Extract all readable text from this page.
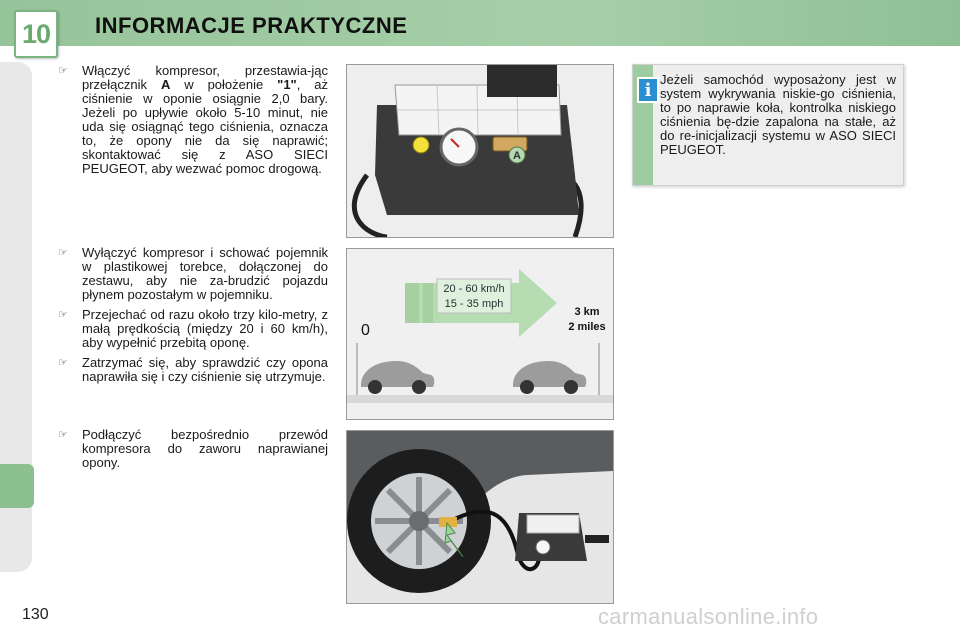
10 INFORMACJE PRAKTYCZNE
☞ Włączyć kompresor, przestawia-jąc przełącznik A w położenie "1", aż ciśnienie w oponie osiągnie 2,0 bary. Jeżeli po upływie około 5-10 minut, nie uda się osiągnąć tego ciśnienia, oznacza to, że opony nie da się naprawić; skontaktować się z ASO SIECI PEUGEOT, aby wezwać pomoc drogową.
☞ Wyłączyć kompresor i schować pojemnik w plastikowej torebce, dołączonej do zestawu, aby nie za-brudzić pojazdu płynem pozostałym w pojemniku.
☞ Przejechać od razu około trzy kilo-metry, z małą prędkością (między 20 i 60 km/h), aby wypełnić przebitą oponę.
☞ Zatrzymać się, aby sprawdzić czy opona naprawiła się i czy ciśnienie się utrzymuje.
☞ Podłączyć bezpośrednio przewód kompresora do zaworu naprawianej opony.
i Jeżeli samochód wyposażony jest w system wykrywania niskie-go ciśnienia, to po naprawie koła, kontrolka niskiego ciśnienia bę-dzie zapalona na stałe, aż do re-inicjalizacji systemu w ASO SIECI PEUGEOT.
A
20 - 60 km/h
15 - 35 mph
0
3 km
2 miles
130	carmanualsonline.info
